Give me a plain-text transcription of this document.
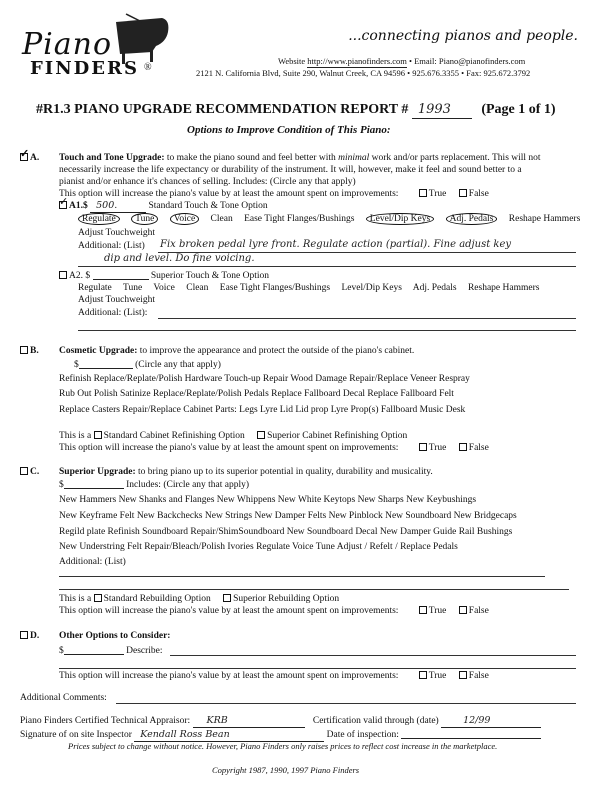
Piano
FINDERS ®
...connecting pianos and people.
Website http://www.pianofinders.com • Email: Piano@pianofinders.com
2121 N. California Blvd, Suite 290, Walnut Creek, CA 94596 • 925.676.3355 • Fax: 925.672.3792
#R1.3 PIANO UPGRADE RECOMMENDATION REPORT # 1993 (Page 1 of 1)
Options to Improve Condition of This Piano:
✓A. Touch and Tone Upgrade: to make the piano sound and feel better with minimal work and/or parts replacement. This will not
necessarily increase the life expectancy or durability of the instrument. It will, however, make it feel and sound better to a
pianist and/or enhance it's chances of selling. Includes: (Circle any that apply)
This option will increase the piano's value by at least the amount spent on improvements:	True False
✓A1.$ 500.	Standard Touch & Tone Option
Regulate Tune Voice Clean Ease Tight Flanges/Bushings Level/Dip Keys Adj. Pedals Reshape Hammers
Adjust Touchweight
Additional: (List) Fix broken pedal lyre front. Regulate action (partial). Fine adjust key
dip and level. Do fine voicing.
A2. $	Superior Touch & Tone Option
Regulate Tune Voice Clean Ease Tight Flanges/Bushings Level/Dip Keys Adj. Pedals Reshape Hammers
Adjust Touchweight
Additional: (List):
B. Cosmetic Upgrade: to improve the appearance and protect the outside of the piano's cabinet.
$	(Circle any that apply)
Refinish Replace/Replate/Polish Hardware Touch-up Repair Wood Damage Repair/Replace Veneer Respray
Rub Out Polish Satinize Replace/Replate/Polish Pedals Replace Fallboard Decal Replace Fallboard Felt
Replace Casters Repair/Replace Cabinet Parts: Legs Lyre Lid Lid prop Lyre Prop(s) Fallboard Music Desk
This is a Standard Cabinet Refinishing Option Superior Cabinet Refinishing Option
This option will increase the piano's value by at least the amount spent on improvements:	True False
C. Superior Upgrade: to bring piano up to its superior potential in quality, durability and musicality.
$	Includes: (Circle any that apply)
New Hammers New Shanks and Flanges New Whippens New White Keytops New Sharps New Keybushings
New Keyframe Felt New Backchecks New Strings New Damper Felts New Pinblock New Soundboard New Bridgecaps
Regild plate Refinish Soundboard Repair/ShimSoundboard New Soundboard Decal New Damper Guide Rail Bushings
New Understring Felt Repair/Bleach/Polish Ivories Regulate Voice Tune Adjust / Refelt / Replace Pedals
Additional: (List)
This is a Standard Rebuilding Option Superior Rebuilding Option
This option will increase the piano's value by at least the amount spent on improvements:	True False
D. Other Options to Consider:
$	Describe:
This option will increase the piano's value by at least the amount spent on improvements:	True False
Additional Comments:
Piano Finders Certified Technical Appraisor: KRB	Certification valid through (date)	12/99
Signature of on site Inspector Kendall Ross Bean	Date of inspection:
Prices subject to change without notice. However, Piano Finders only raises prices to reflect cost increase in the marketplace.
Copyright 1987, 1990, 1997 Piano Finders
